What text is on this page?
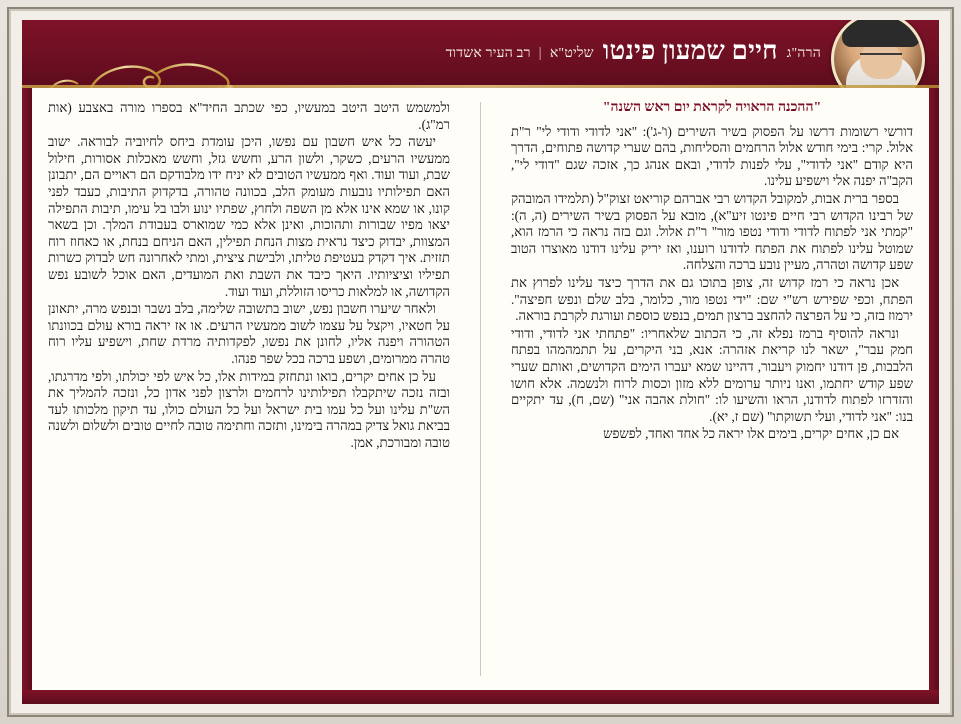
הרה"ג חיים שמעון פינטו שליט"א | רב העיר אשדוד
"ההכנה הראויה לקראת יום ראש השנה"

דורשי רשומות דרשו על הפסוק בשיר השירים (ו'-ג'): "אני לדודי ודודי לי" ר"ת אלול. קרי: בימי חודש אלול הרחמים והסליחות, בהם שערי קדושה פתוחים, הדרך היא קודם "אני לדודי", עלי לפנות לדודי, ובאם אנהג כך, אזכה שגם "דודי לי", הקב"ה יפנה אלי וישפיע עלינו.

בספר ברית אבות, למקובל הקדוש רבי אברהם קוריאט זצוק"ל (תלמידו המובהק של רבינו הקדוש רבי חיים פינטו זיע"א), מובא על הפסוק בשיר השירים (ה, ה): "קמתי אני לפתוח לדודי ודודי נטפו מור" ר"ת אלול. וגם בזה נראה כי הרמז הוא, שמוטל עלינו לפתוח את הפתח לדודנו רוענו, ואז יריק עלינו דודנו מאוצרו הטוב שפע קדושה וטהרה, מעיין נובע ברכה והצלחה.

אכן נראה כי רמז קדוש זה, צופן בתוכו גם את הדרך כיצד עלינו לפרוץ את הפתח, וכפי שפירש רש"י שם: "ידי נטפו מור, כלומר, בלב שלם ונפש חפיצה". ירמוז בזה, כי על הפרצה להחצב ברצון תמים, בנפש כוספת ועורגת לקרבת בוראה.

ונראה להוסיף ברמז נפלא זה, כי הכתוב שלאחריו: "פתחתי אני לדודי, ודודי חמק עבר", ישאר לנו קריאת אזהרה: אנא, בני היקרים, על תתמהמהו בפתח הלבבות, פן דודנו יחמוק ויעבור, דהיינו שמא יעברו הימים הקדושים, ואותם שערי שפע קודש יחתמו, ואנו ניותר ערומים ללא מזון וכסות לרוח ולנשמה. אלא חושו והזדרזו לפתוח לדודנו, הראו והשיעו לו: "חולת אהבה אני" (שם, ח), עד יתקיים בנו: "אני לדודי, ועלי תשוקתו" (שם ז, יא).

אם כן, אחים יקרים, בימים אלו יראה כל אחד ואחד, לפשפש

ולמשמש היטב היטב במעשיו, כפי שכתב החיד"א בספרו מורה באצבע (אות רמ"ג).

יעשה כל איש חשבון עם נפשו, היכן עומדת ביחס לחיוביה לבוראה. ישוב ממעשיו הרעים, כשקר, ולשון הרע, וחשש גזל, וחשש מאכלות אסורות, חילול שבת, ועוד ועוד. ואף ממעשיו הטובים לא יניח ידו מלבודקם הם ראויים הם, יתבונן האם תפילותיו נובעות מעומק הלב, בכוונה טהורה, בדקדוק התיבות, כעבד לפני קונו, או שמא אינו אלא מן השפה ולחוץ, שפתיו ינוע ולבו בל עימו, תיבות התפילה יצאו מפיו שבורות ותהוכות, ואינן אלא כמי שמוארס בעבודת המלך. וכן בשאר המצוות, יבדוק כיצד נראית מצות הנחת תפילין, האם הניחם בנחת, או כאחוז רוח תזזית. איך דקדק בעטיפת טליתו, ולבישת ציצית, ומתי לאחרונה חש לבדוק כשרות תפיליו וציציותיו. היאך כיבד את השבת ואת המועדים, האם אוכל לשובע נפש הקדושה, או למלאות כריסו הזוללת, ועוד ועוד.

ולאחר שיערו חשבון נפש, ישוב בתשובה שלימה, בלב נשבר ובנפש מרה, יתאונן על חטאיו, ויקצל על עצמו לשוב ממעשיו הרעים. או אז יראה בורא עולם בכוונתו הטהורה ויפנה אליו, לחונן את נפשו, לפקדותיה מרדת שחת, וישפיע עליו רוח טהרה ממרומים, ושפע ברכה בכל שפר פנהו.

על כן אחים יקרים, בואו ונתחזק במידות אלו, כל איש לפי יכולתו, ולפי מדרגתו, ובזה נזכה שיתקבלו תפילותינו לרחמים ולרצון לפני אדון כל, ונזכה להמליך את הש"ת עלינו ועל כל עמו בית ישראל ועל כל העולם כולו, עד תיקון מלכותו לעד בביאת גואל צדיק במהרה בימינו, ותזכה וחתימה טובה לחיים טובים ולשלום ולשנה טובה ומבורכת, אמן.
